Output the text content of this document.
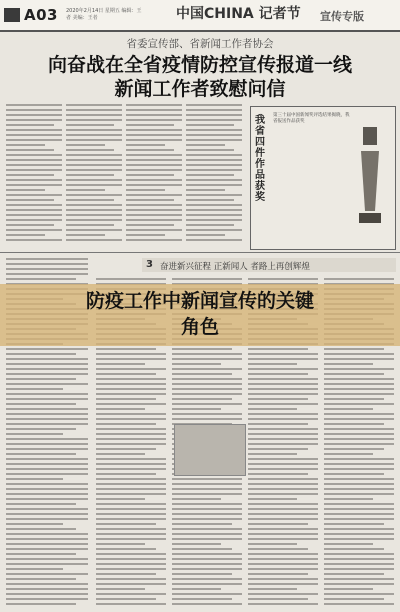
A03 2020年2月14日 星期五 编辑：王者 美编：王者	中国CHINA 记者节 宣传专版
省委宣传部、省新闻工作者协会
向奋战在全省疫情防控宣传报道一线
新闻工作者致慰问信
我省四件作品获奖
第三十届中国新闻奖评选结果揭晓，我省报送作品获奖
3 奋进新兴征程 正新闻人 者路上再创辉煌
防疫工作中新闻宣传的关键
角色
